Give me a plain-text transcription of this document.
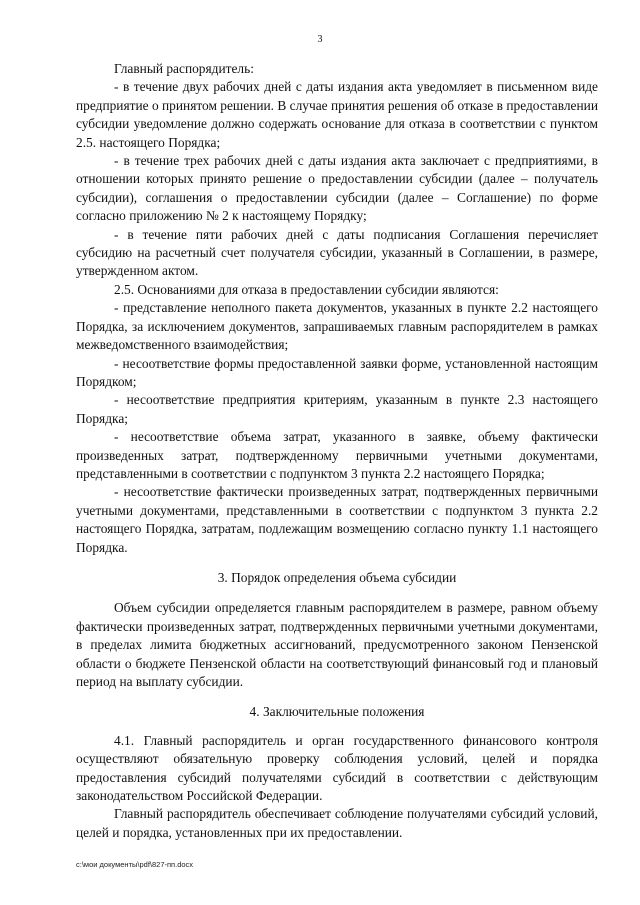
3

Главный распорядитель:

- в течение двух рабочих дней с даты издания акта уведомляет в письменном виде предприятие о принятом решении. В случае принятия решения об отказе в предоставлении субсидии уведомление должно содержать основание для отказа в соответствии с пунктом 2.5. настоящего Порядка;

- в течение трех рабочих дней с даты издания акта заключает с предприятиями, в отношении которых принято решение о предоставлении субсидии (далее – получатель субсидии), соглашения о предоставлении субсидии (далее – Соглашение) по форме согласно приложению № 2 к настоящему Порядку;

- в течение пяти рабочих дней с даты подписания Соглашения перечисляет субсидию на расчетный счет получателя субсидии, указанный в Соглашении, в размере, утвержденном актом.

2.5. Основаниями для отказа в предоставлении субсидии являются:

- представление неполного пакета документов, указанных в пункте 2.2 настоящего Порядка, за исключением документов, запрашиваемых главным распорядителем в рамках межведомственного взаимодействия;

- несоответствие формы предоставленной заявки форме, установленной настоящим Порядком;

- несоответствие предприятия критериям, указанным в пункте 2.3 настоящего Порядка;

- несоответствие объема затрат, указанного в заявке, объему фактически произведенных затрат, подтвержденному первичными учетными документами, представленными в соответствии с подпунктом 3 пункта 2.2 настоящего Порядка;

- несоответствие фактически произведенных затрат, подтвержденных первичными учетными документами, представленными в соответствии с подпунктом 3 пункта 2.2 настоящего Порядка, затратам, подлежащим возмещению согласно пункту 1.1 настоящего Порядка.

3. Порядок определения объема субсидии

Объем субсидии определяется главным распорядителем в размере, равном объему фактически произведенных затрат, подтвержденных первичными учетными документами, в пределах лимита бюджетных ассигнований, предусмотренного законом Пензенской области о бюджете Пензенской области на соответствующий финансовый год и плановый период на выплату субсидии.

4. Заключительные положения

4.1. Главный распорядитель и орган государственного финансового контроля осуществляют обязательную проверку соблюдения условий, целей и порядка предоставления субсидий получателями субсидий в соответствии с действующим законодательством Российской Федерации.

Главный распорядитель обеспечивает соблюдение получателями субсидий условий, целей и порядка, установленных при их предоставлении.

c:\мои документы\pdf\827-пп.docx
